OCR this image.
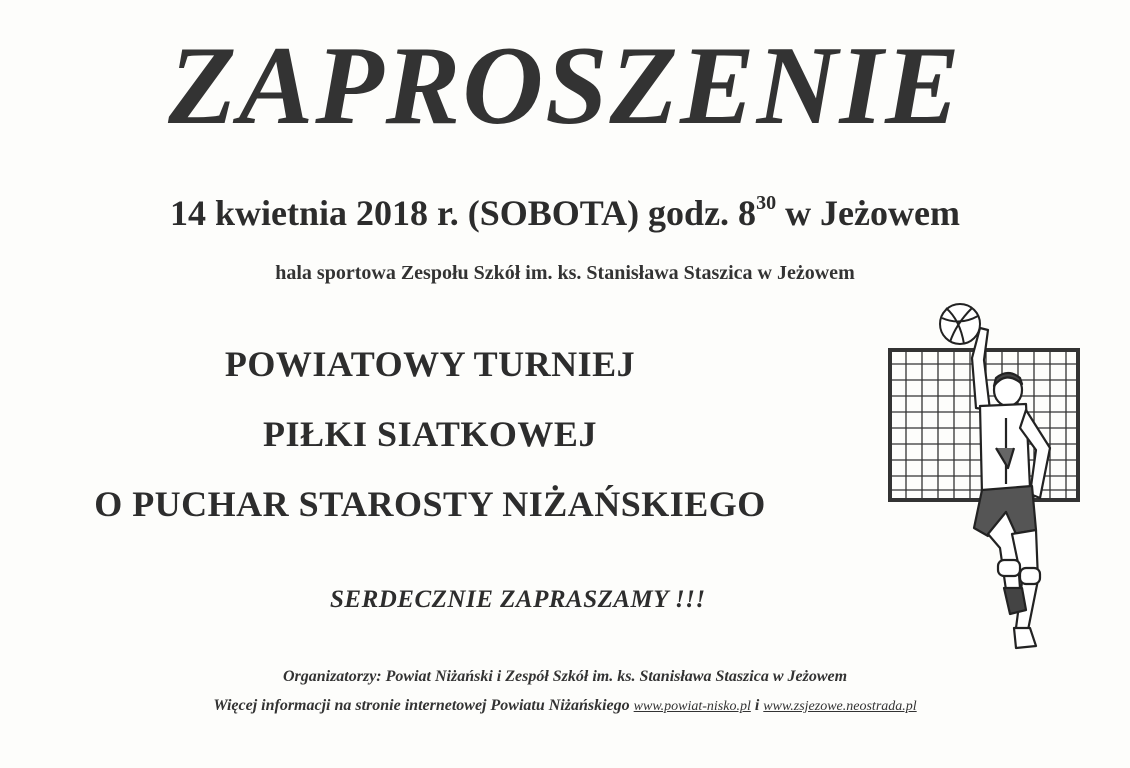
ZAPROSZENIE
14 kwietnia 2018 r. (SOBOTA) godz. $8^{30}$ w Jeżowem
hala sportowa Zespołu Szkół im. ks. Stanisława Staszica w Jeżowem
POWIATOWY TURNIEJ
PIŁKI SIATKOWEJ
O PUCHAR STAROSTY NIŻAŃSKIEGO
SERDECZNIE ZAPRASZAMY !!!
Organizatorzy: Powiat Niżański i Zespół Szkół im. ks. Stanisława Staszica w Jeżowem
Więcej informacji na stronie internetowej Powiatu Niżańskiego www.powiat-nisko.pl i www.zsjezowe.neostrada.pl
